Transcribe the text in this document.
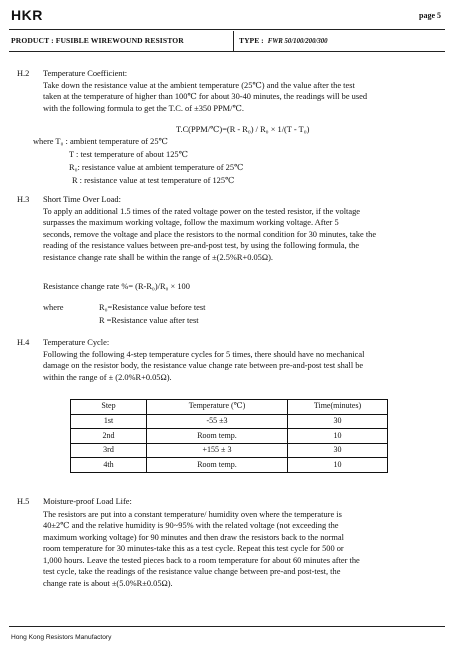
HKR	page 5
PRODUCT : FUSIBLE WIREWOUND RESISTOR	TYPE : FWR 50/100/200/300
H.2 Temperature Coefficient:

Take down the resistance value at the ambient temperature (25℃) and the value after the test

taken at the temperature of higher than 100℃ for about 30-40 minutes, the readings will be used

with the following formula to get the T.C. of ±350 PPM/℃.

T.C(PPM/℃)=(R - R₀) / R₀ × 1/(T - T₀)
where T₀ : ambient temperature of 25℃
T : test temperature of about 125℃
R₀: resistance value at ambient temperature of 25℃
R : resistance value at test temperature of 125℃
H.3 Short Time Over Load:

To apply an additional 1.5 times of the rated voltage power on the tested resistor, if the voltage

surpasses the maximum working voltage, follow the maximum working voltage. After 5

seconds, remove the voltage and place the resistors to the normal condition for 30 minutes, take the

reading of the resistance values between pre-and-post test, by using the following formula, the

resistance change rate shall be within the range of ±(2.5%R+0.05Ω).

Resistance change rate %= (R-R₀)/R₀ × 100
where	R₀=Resistance value before test
R =Resistance value after test
H.4 Temperature Cycle:

Following the following 4-step temperature cycles for 5 times, there should have no mechanical

damage on the resistor body, the resistance value change rate between pre-and-post test shall be

within the range of ± (2.0%R+0.05Ω).

Step	Temperature (℃)	Time(minutes)
1st	-55 ±3	30
2nd	Room temp.	10
3rd	+155 ± 3	30
4th	Room temp.	10
H.5 Moisture-proof Load Life:

The resistors are put into a constant temperature/ humidity oven where the temperature is

40±2℃ and the relative humidity is 90~95% with the related voltage (not exceeding the

maximum working voltage) for 90 minutes and then draw the resistors back to the normal

room temperature for 30 minutes-take this as a test cycle. Repeat this test cycle for 500 or

1,000 hours. Leave the tested pieces back to a room temperature for about 60 minutes after the

test cycle, take the readings of the resistance value change between pre-and post-test, the

change rate is about ±(5.0%R±0.05Ω).

Hong Kong Resistors Manufactory
